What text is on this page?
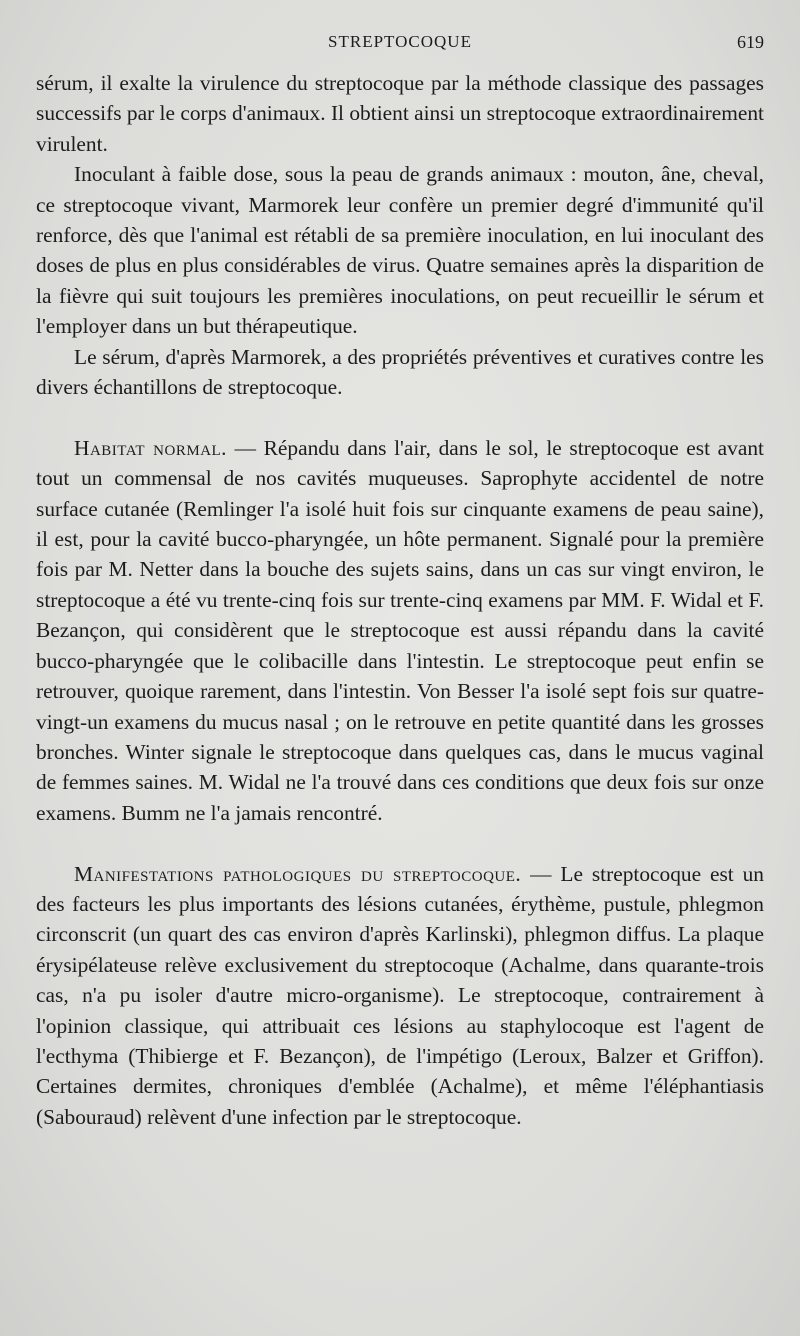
STREPTOCOQUE	619

sérum, il exalte la virulence du streptocoque par la méthode classique des passages successifs par le corps d'animaux. Il obtient ainsi un streptocoque extraordinairement virulent.

Inoculant à faible dose, sous la peau de grands animaux : mouton, âne, cheval, ce streptocoque vivant, Marmorek leur confère un premier degré d'immunité qu'il renforce, dès que l'animal est rétabli de sa première inoculation, en lui inoculant des doses de plus en plus considérables de virus. Quatre semaines après la disparition de la fièvre qui suit toujours les premières inoculations, on peut recueillir le sérum et l'employer dans un but thérapeutique.

Le sérum, d'après Marmorek, a des propriétés préventives et curatives contre les divers échantillons de streptocoque.

Habitat normal. — Répandu dans l'air, dans le sol, le streptocoque est avant tout un commensal de nos cavités muqueuses. Saprophyte accidentel de notre surface cutanée (Remlinger l'a isolé huit fois sur cinquante examens de peau saine), il est, pour la cavité bucco-pharyngée, un hôte permanent. Signalé pour la première fois par M. Netter dans la bouche des sujets sains, dans un cas sur vingt environ, le streptocoque a été vu trente-cinq fois sur trente-cinq examens par MM. F. Widal et F. Bezançon, qui considèrent que le streptocoque est aussi répandu dans la cavité bucco-pharyngée que le colibacille dans l'intestin. Le streptocoque peut enfin se retrouver, quoique rarement, dans l'intestin. Von Besser l'a isolé sept fois sur quatre-vingt-un examens du mucus nasal ; on le retrouve en petite quantité dans les grosses bronches. Winter signale le streptocoque dans quelques cas, dans le mucus vaginal de femmes saines. M. Widal ne l'a trouvé dans ces conditions que deux fois sur onze examens. Bumm ne l'a jamais rencontré.

Manifestations pathologiques du streptocoque. — Le streptocoque est un des facteurs les plus importants des lésions cutanées, érythème, pustule, phlegmon circonscrit (un quart des cas environ d'après Karlinski), phlegmon diffus. La plaque érysipélateuse relève exclusivement du streptocoque (Achalme, dans quarante-trois cas, n'a pu isoler d'autre micro-organisme). Le streptocoque, contrairement à l'opinion classique, qui attribuait ces lésions au staphylocoque est l'agent de l'ecthyma (Thibierge et F. Bezançon), de l'impétigo (Leroux, Balzer et Griffon). Certaines dermites, chroniques d'emblée (Achalme), et même l'éléphantiasis (Sabouraud) relèvent d'une infection par le streptocoque.
